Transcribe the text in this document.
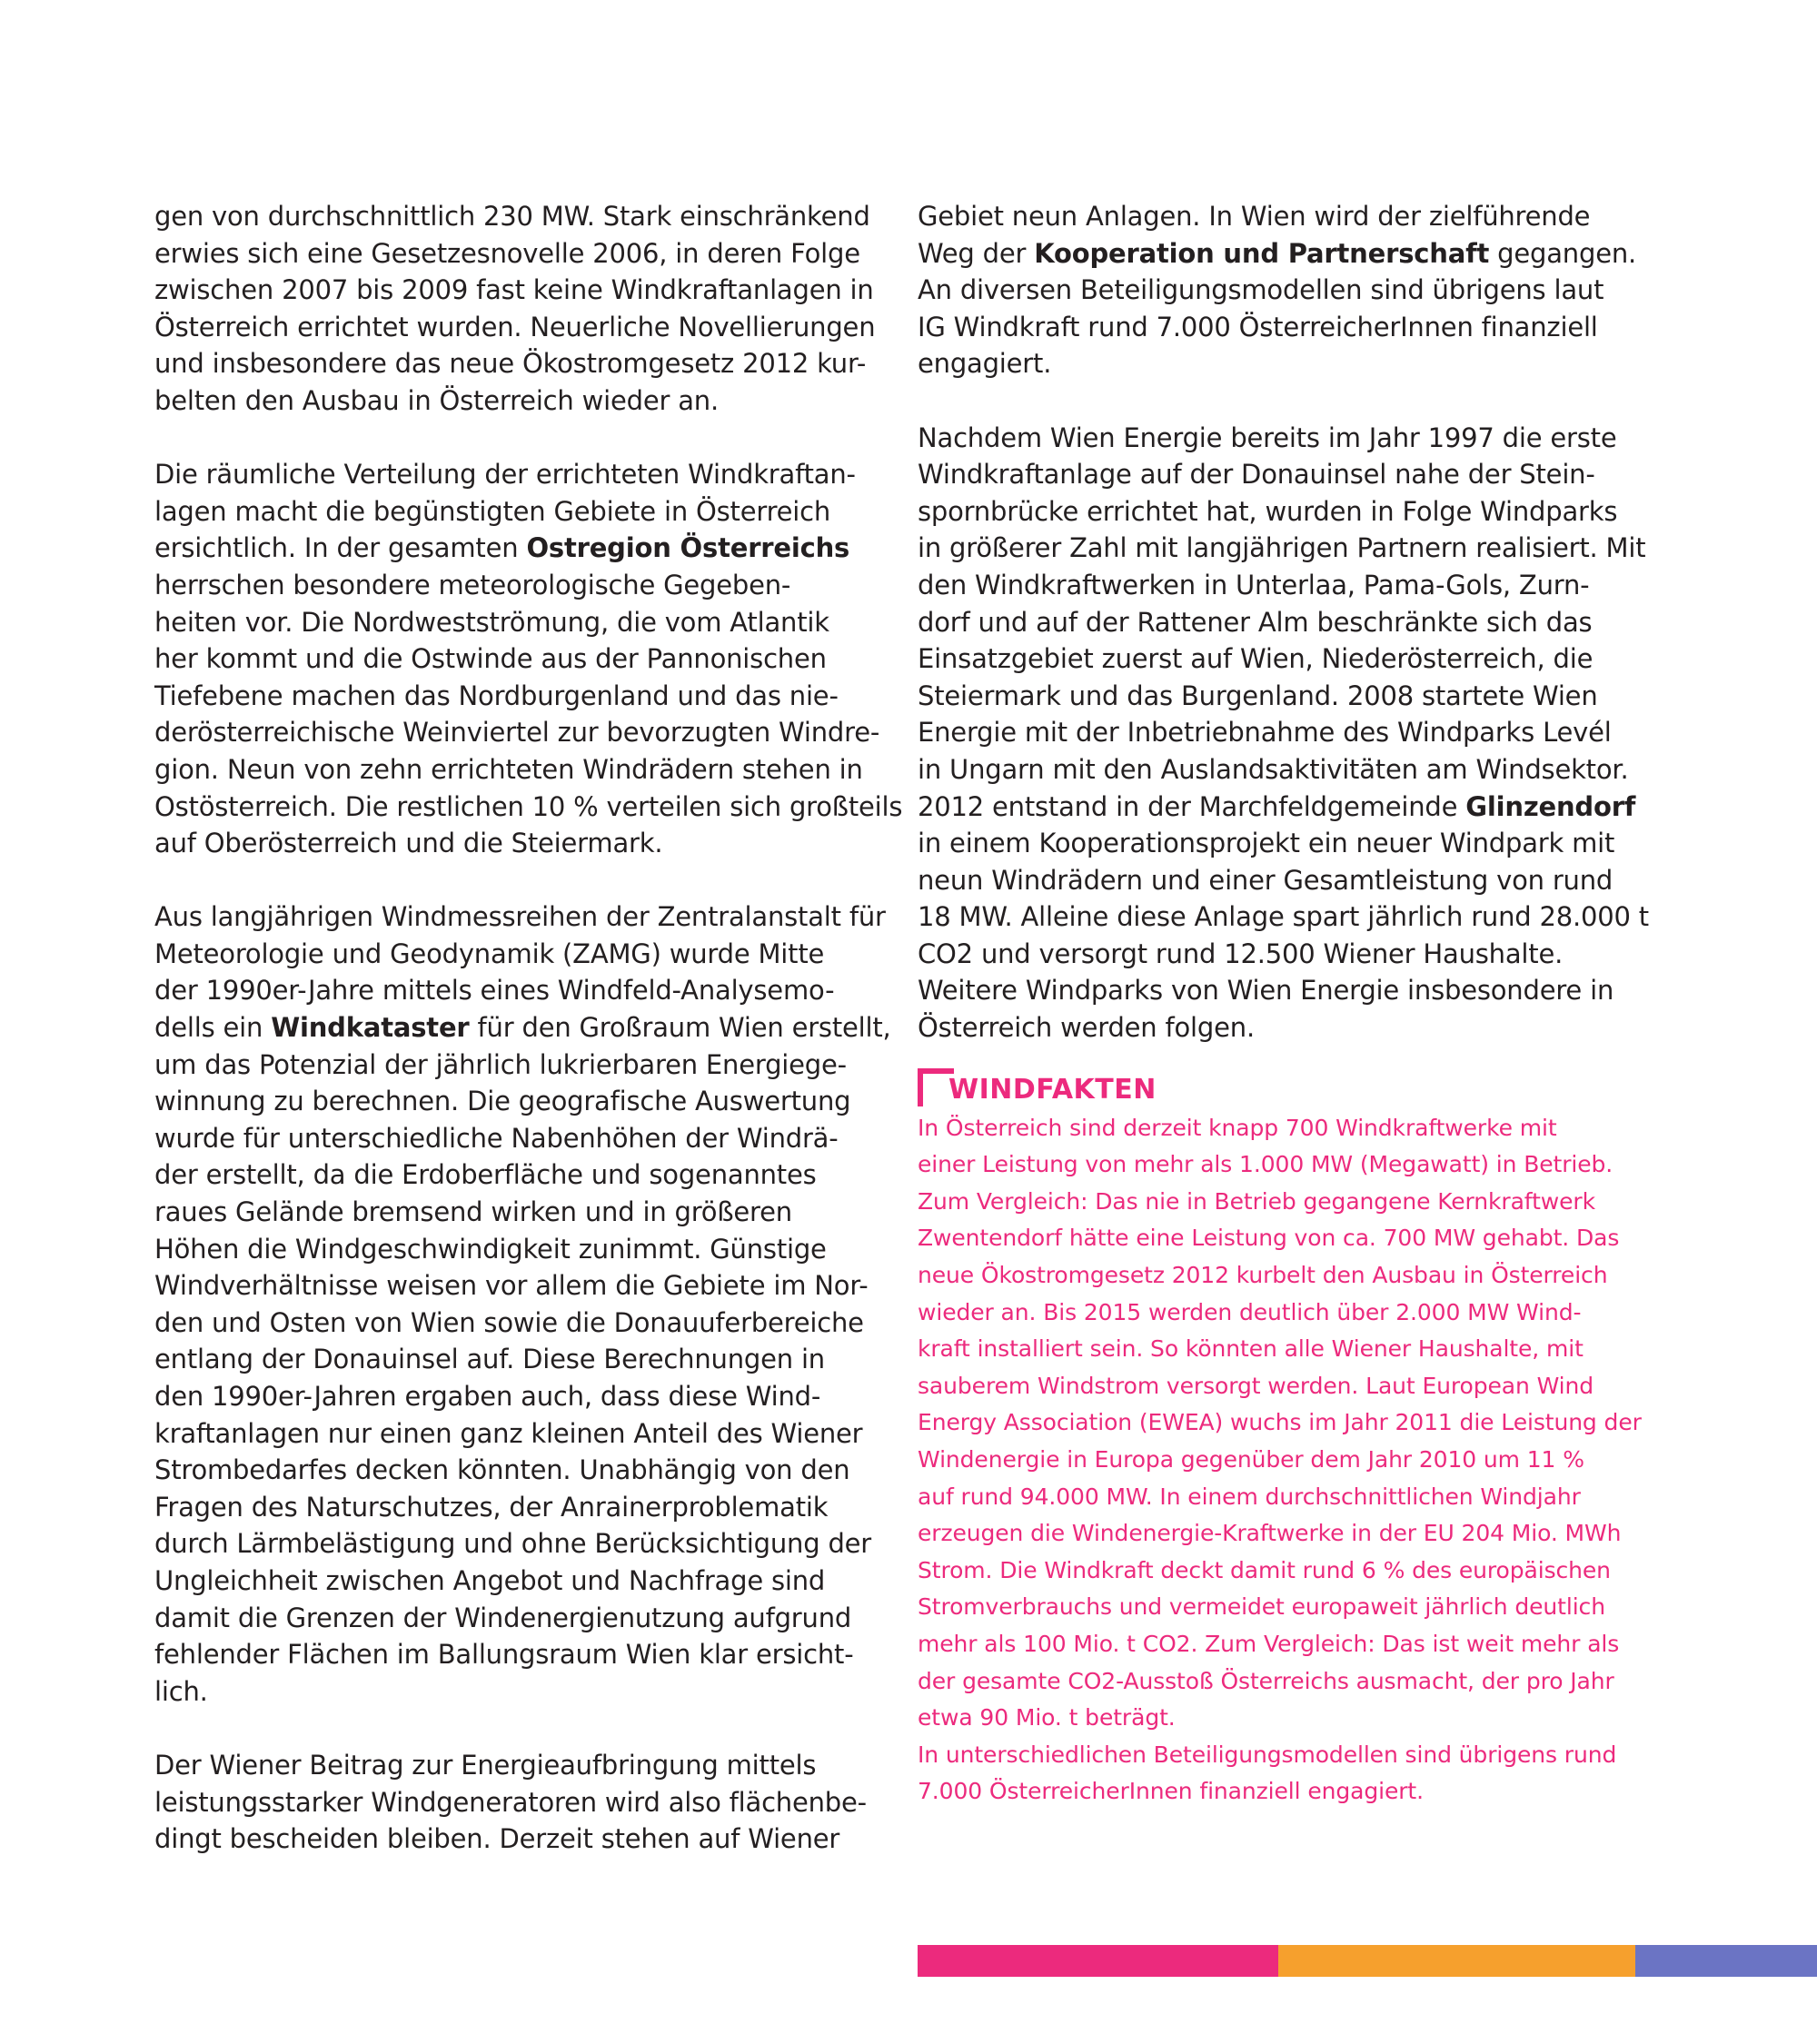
gen von durchschnittlich 230 MW. Stark einschränkend
erwies sich eine Gesetzesnovelle 2006, in deren Folge
zwischen 2007 bis 2009 fast keine Windkraftanlagen in
Österreich errichtet wurden. Neuerliche Novellierungen
und insbesondere das neue Ökostromgesetz 2012 kur-
belten den Ausbau in Österreich wieder an.
Die räumliche Verteilung der errichteten Windkraftan-
lagen macht die begünstigten Gebiete in Österreich
ersichtlich. In der gesamten Ostregion Österreichs
herrschen besondere meteorologische Gegeben-
heiten vor. Die Nordwestströmung, die vom Atlantik
her kommt und die Ostwinde aus der Pannonischen
Tiefebene machen das Nordburgenland und das nie-
derösterreichische Weinviertel zur bevorzugten Windre-
gion. Neun von zehn errichteten Windrädern stehen in
Ostösterreich. Die restlichen 10 % verteilen sich großteils
auf Oberösterreich und die Steiermark.
Aus langjährigen Windmessreihen der Zentralanstalt für
Meteorologie und Geodynamik (ZAMG) wurde Mitte
der 1990er-Jahre mittels eines Windfeld-Analysemo-
dells ein Windkataster für den Großraum Wien erstellt,
um das Potenzial der jährlich lukrierbaren Energiege-
winnung zu berechnen. Die geografische Auswertung
wurde für unterschiedliche Nabenhöhen der Windrä-
der erstellt, da die Erdoberfläche und sogenanntes
raues Gelände bremsend wirken und in größeren
Höhen die Windgeschwindigkeit zunimmt. Günstige
Windverhältnisse weisen vor allem die Gebiete im Nor-
den und Osten von Wien sowie die Donauuferbereiche
entlang der Donauinsel auf. Diese Berechnungen in
den 1990er-Jahren ergaben auch, dass diese Wind-
kraftanlagen nur einen ganz kleinen Anteil des Wiener
Strombedarfes decken könnten. Unabhängig von den
Fragen des Naturschutzes, der Anrainerproblematik
durch Lärmbelästigung und ohne Berücksichtigung der
Ungleichheit zwischen Angebot und Nachfrage sind
damit die Grenzen der Windenergienutzung aufgrund
fehlender Flächen im Ballungsraum Wien klar ersicht-
lich.
Der Wiener Beitrag zur Energieaufbringung mittels
leistungsstarker Windgeneratoren wird also flächenbe-
dingt bescheiden bleiben. Derzeit stehen auf Wiener
Gebiet neun Anlagen. In Wien wird der zielführende
Weg der Kooperation und Partnerschaft gegangen.
An diversen Beteiligungsmodellen sind übrigens laut
IG Windkraft rund 7.000 ÖsterreicherInnen finanziell
engagiert.
Nachdem Wien Energie bereits im Jahr 1997 die erste
Windkraftanlage auf der Donauinsel nahe der Stein-
spornbrücke errichtet hat, wurden in Folge Windparks
in größerer Zahl mit langjährigen Partnern realisiert. Mit
den Windkraftwerken in Unterlaa, Pama-Gols, Zurn-
dorf und auf der Rattener Alm beschränkte sich das
Einsatzgebiet zuerst auf Wien, Niederösterreich, die
Steiermark und das Burgenland. 2008 startete Wien
Energie mit der Inbetriebnahme des Windparks Levél
in Ungarn mit den Auslandsaktivitäten am Windsektor.
2012 entstand in der Marchfeldgemeinde Glinzendorf
in einem Kooperationsprojekt ein neuer Windpark mit
neun Windrädern und einer Gesamtleistung von rund
18 MW. Alleine diese Anlage spart jährlich rund 28.000 t
CO2 und versorgt rund 12.500 Wiener Haushalte.
Weitere Windparks von Wien Energie insbesondere in
Österreich werden folgen.
WINDFAKTEN
In Österreich sind derzeit knapp 700 Windkraftwerke mit
einer Leistung von mehr als 1.000 MW (Megawatt) in Betrieb.
Zum Vergleich: Das nie in Betrieb gegangene Kernkraftwerk
Zwentendorf hätte eine Leistung von ca. 700 MW gehabt. Das
neue Ökostromgesetz 2012 kurbelt den Ausbau in Österreich
wieder an. Bis 2015 werden deutlich über 2.000 MW Wind-
kraft installiert sein. So könnten alle Wiener Haushalte, mit
sauberem Windstrom versorgt werden. Laut European Wind
Energy Association (EWEA) wuchs im Jahr 2011 die Leistung der
Windenergie in Europa gegenüber dem Jahr 2010 um 11 %
auf rund 94.000 MW. In einem durchschnittlichen Windjahr
erzeugen die Windenergie-Kraftwerke in der EU 204 Mio. MWh
Strom. Die Windkraft deckt damit rund 6 % des europäischen
Stromverbrauchs und vermeidet europaweit jährlich deutlich
mehr als 100 Mio. t CO2. Zum Vergleich: Das ist weit mehr als
der gesamte CO2-Ausstoß Österreichs ausmacht, der pro Jahr
etwa 90 Mio. t beträgt.
In unterschiedlichen Beteiligungsmodellen sind übrigens rund
7.000 ÖsterreicherInnen finanziell engagiert.
